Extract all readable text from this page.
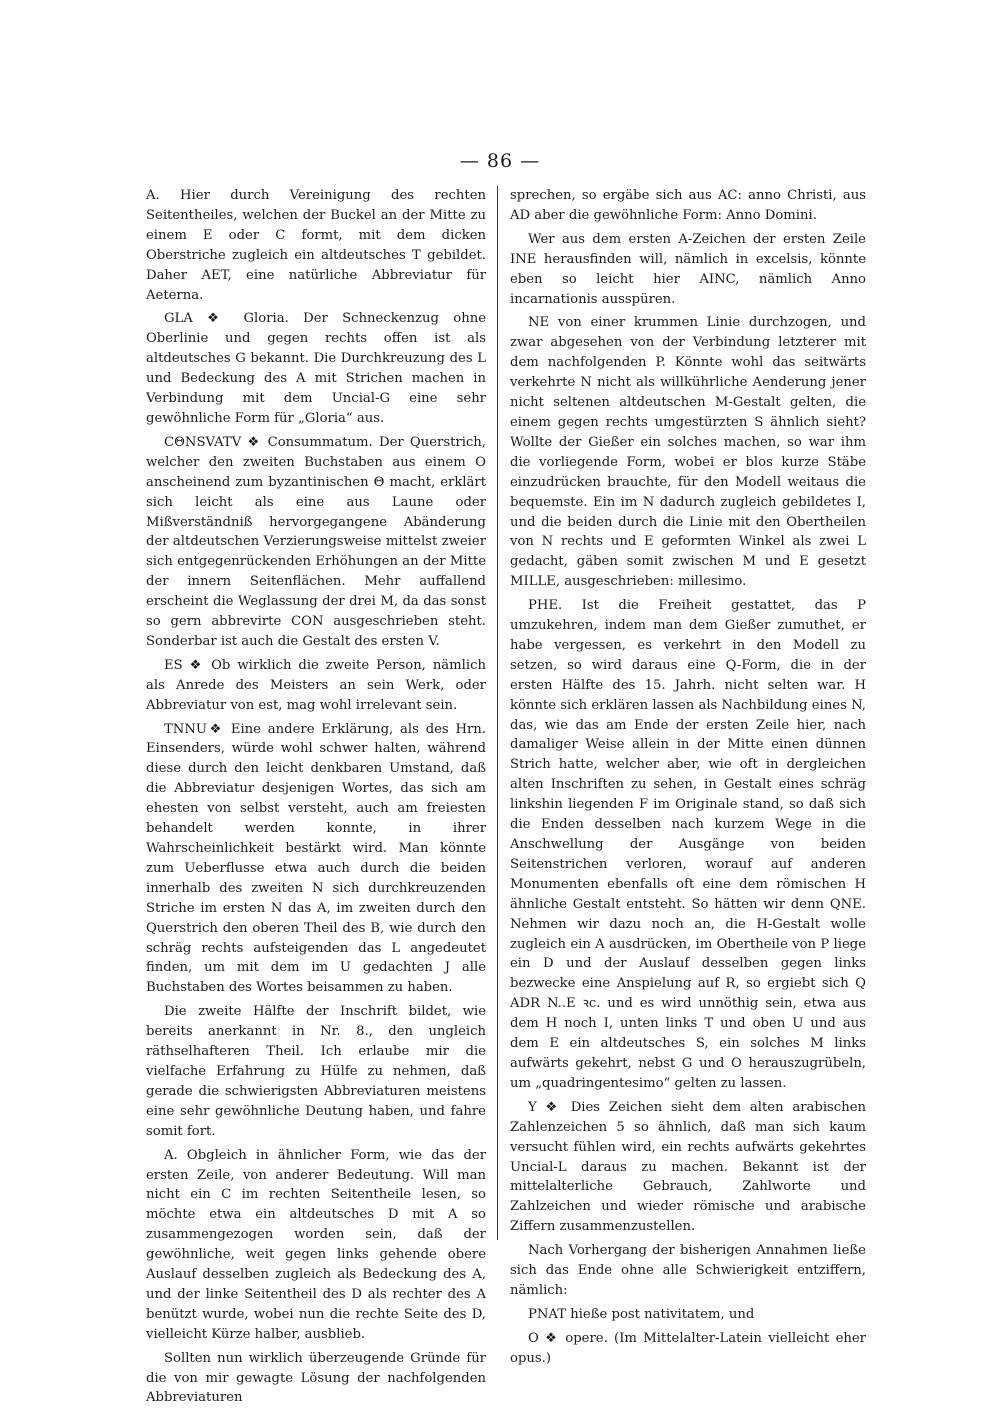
— 86 —

A. Hier durch Vereinigung des rechten Seitentheiles, welchen der Buckel an der Mitte zu einem E oder C formt, mit dem dicken Oberstriche zugleich ein altdeutsches T gebildet. Daher AET, eine natürliche Abbreviatur für Aeterna.

GLA ❖ Gloria. Der Schneckenzug ohne Oberlinie und gegen rechts offen ist als altdeutsches G bekannt. Die Durchkreuzung des L und Bedeckung des A mit Strichen machen in Verbindung mit dem Uncial-G eine sehr gewöhnliche Form für „Gloria“ aus.

CΘNSVATV ❖ Consummatum. Der Querstrich, welcher den zweiten Buchstaben aus einem O anscheinend zum byzantinischen Θ macht, erklärt sich leicht als eine aus Laune oder Mißverständniß hervorgegangene Abänderung der altdeutschen Verzierungsweise mittelst zweier sich entgegenrückenden Erhöhungen an der Mitte der innern Seitenflächen. Mehr auffallend erscheint die Weglassung der drei M, da das sonst so gern abbrevirte CON ausgeschrieben steht. Sonderbar ist auch die Gestalt des ersten V.

ES ❖ Ob wirklich die zweite Person, nämlich als Anrede des Meisters an sein Werk, oder Abbreviatur von est, mag wohl irrelevant sein.

TNNU❖ Eine andere Erklärung, als des Hrn. Einsenders, würde wohl schwer halten, während diese durch den leicht denkbaren Umstand, daß die Abbreviatur desjenigen Wortes, das sich am ehesten von selbst versteht, auch am freiesten behandelt werden konnte, in ihrer Wahrscheinlichkeit bestärkt wird. Man könnte zum Ueberflusse etwa auch durch die beiden innerhalb des zweiten N sich durchkreuzenden Striche im ersten N das A, im zweiten durch den Querstrich den oberen Theil des B, wie durch den schräg rechts aufsteigenden das L angedeutet finden, um mit dem im U gedachten J alle Buchstaben des Wortes beisammen zu haben.

Die zweite Hälfte der Inschrift bildet, wie bereits anerkannt in Nr. 8., den ungleich räthselhafteren Theil. Ich erlaube mir die vielfache Erfahrung zu Hülfe zu nehmen, daß gerade die schwierigsten Abbreviaturen meistens eine sehr gewöhnliche Deutung haben, und fahre somit fort.

A. Obgleich in ähnlicher Form, wie das der ersten Zeile, von anderer Bedeutung. Will man nicht ein C im rechten Seitentheile lesen, so möchte etwa ein altdeutsches D mit A so zusammengezogen worden sein, daß der gewöhnliche, weit gegen links gehende obere Auslauf desselben zugleich als Bedeckung des A, und der linke Seitentheil des D als rechter des A benützt wurde, wobei nun die rechte Seite des D, vielleicht Kürze halber, ausblieb.

Sollten nun wirklich überzeugende Gründe für die von mir gewagte Lösung der nachfolgenden Abbreviaturen

sprechen, so ergäbe sich aus AC: anno Christi, aus AD aber die gewöhnliche Form: Anno Domini.

Wer aus dem ersten A-Zeichen der ersten Zeile INE herausfinden will, nämlich in excelsis, könnte eben so leicht hier AINC, nämlich Anno incarnationis ausspüren.

NE von einer krummen Linie durchzogen, und zwar abgesehen von der Verbindung letzterer mit dem nachfolgenden P. Könnte wohl das seitwärts verkehrte N nicht als willkührliche Aenderung jener nicht seltenen altdeutschen M-Gestalt gelten, die einem gegen rechts umgestürzten S ähnlich sieht? Wollte der Gießer ein solches machen, so war ihm die vorliegende Form, wobei er blos kurze Stäbe einzudrücken brauchte, für den Modell weitaus die bequemste. Ein im N dadurch zugleich gebildetes I, und die beiden durch die Linie mit den Obertheilen von N rechts und E geformten Winkel als zwei L gedacht, gäben somit zwischen M und E gesetzt MILLE, ausgeschrieben: millesimo.

PHE. Ist die Freiheit gestattet, das P umzukehren, indem man dem Gießer zumuthet, er habe vergessen, es verkehrt in den Modell zu setzen, so wird daraus eine Q-Form, die in der ersten Hälfte des 15. Jahrh. nicht selten war. H könnte sich erklären lassen als Nachbildung eines N, das, wie das am Ende der ersten Zeile hier, nach damaliger Weise allein in der Mitte einen dünnen Strich hatte, welcher aber, wie oft in dergleichen alten Inschriften zu sehen, in Gestalt eines schräg linkshin liegenden F im Originale stand, so daß sich die Enden desselben nach kurzem Wege in die Anschwellung der Ausgänge von beiden Seitenstrichen verloren, worauf auf anderen Monumenten ebenfalls oft eine dem römischen H ähnliche Gestalt entsteht. So hätten wir denn QNE. Nehmen wir dazu noch an, die H-Gestalt wolle zugleich ein A ausdrücken, im Obertheile von P liege ein D und der Auslauf desselben gegen links bezwecke eine Anspielung auf R, so ergiebt sich Q ADR N..E ꝛc. und es wird unnöthig sein, etwa aus dem H noch I, unten links T und oben U und aus dem E ein altdeutsches S, ein solches M links aufwärts gekehrt, nebst G und O herauszugrübeln, um „quadringentesimo“ gelten zu lassen.

Y ❖ Dies Zeichen sieht dem alten arabischen Zahlenzeichen 5 so ähnlich, daß man sich kaum versucht fühlen wird, ein rechts aufwärts gekehrtes Uncial-L daraus zu machen. Bekannt ist der mittelalterliche Gebrauch, Zahlworte und Zahlzeichen und wieder römische und arabische Ziffern zusammenzustellen.

Nach Vorhergang der bisherigen Annahmen ließe sich das Ende ohne alle Schwierigkeit entziffern, nämlich:

PNAT hieße post nativitatem, und

O ❖ opere. (Im Mittelalter-Latein vielleicht eher opus.)
